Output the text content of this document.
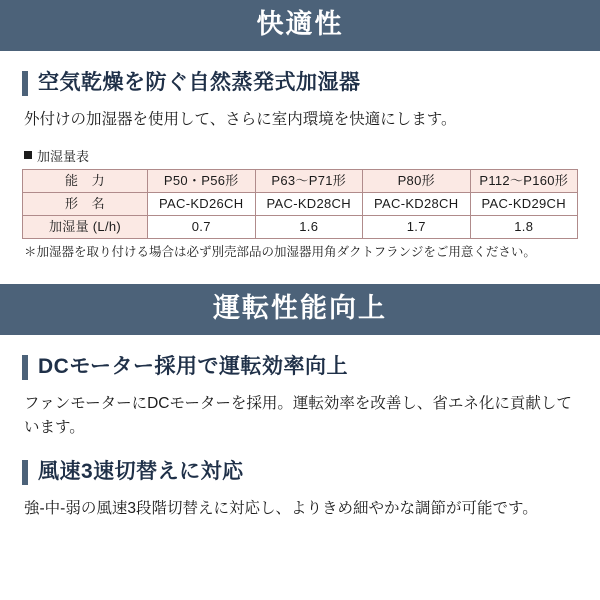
快適性
空気乾燥を防ぐ自然蒸発式加湿器

外付けの加湿器を使用して、さらに室内環境を快適にします。

加湿量表
能　力	P50・P56形	P63〜P71形	P80形	P112〜P160形
形　名	PAC-KD26CH	PAC-KD28CH	PAC-KD28CH	PAC-KD29CH
加湿量 (L/h)	0.7	1.6	1.7	1.8

＊加湿器を取り付ける場合は必ず別売部品の加湿器用角ダクトフランジをご用意ください。

運転性能向上
DCモーター採用で運転効率向上

ファンモーターにDCモーターを採用。運転効率を改善し、省エネ化に貢献しています。

風速3速切替えに対応

強-中-弱の風速3段階切替えに対応し、よりきめ細やかな調節が可能です。
